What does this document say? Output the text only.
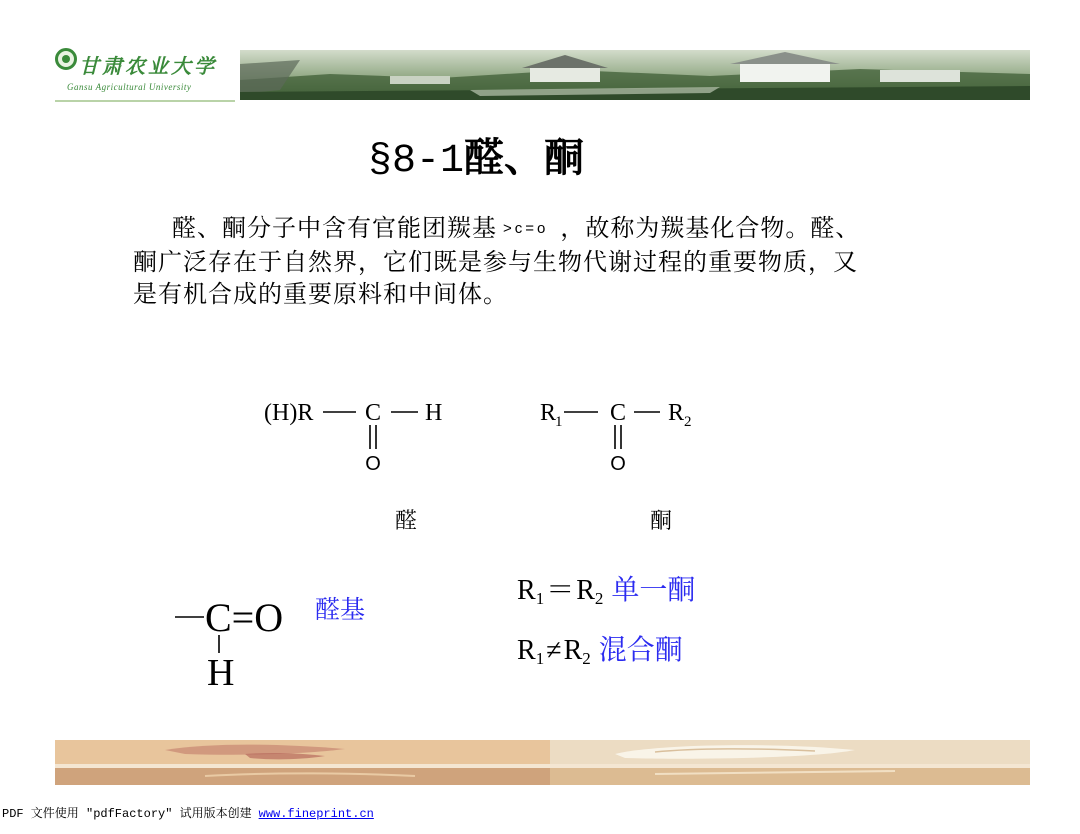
甘肃农业大学
Gansu Agricultural University
§8-1醛、酮
醛、酮分子中含有官能团羰基 >c=o ，故称为羰基化合物。醛、
酮广泛存在于自然界，它们既是参与生物代谢过程的重要物质，又
是有机合成的重要原料和中间体。
(H)R C H
O
R
1 C R 2
O
醛	酮
C=O
H
醛基
$R_1=R_2$ 单一酮
$R_1\ne R_2$ 混合酮
PDF 文件使用 "pdfFactory" 试用版本创建 www.fineprint.cn
